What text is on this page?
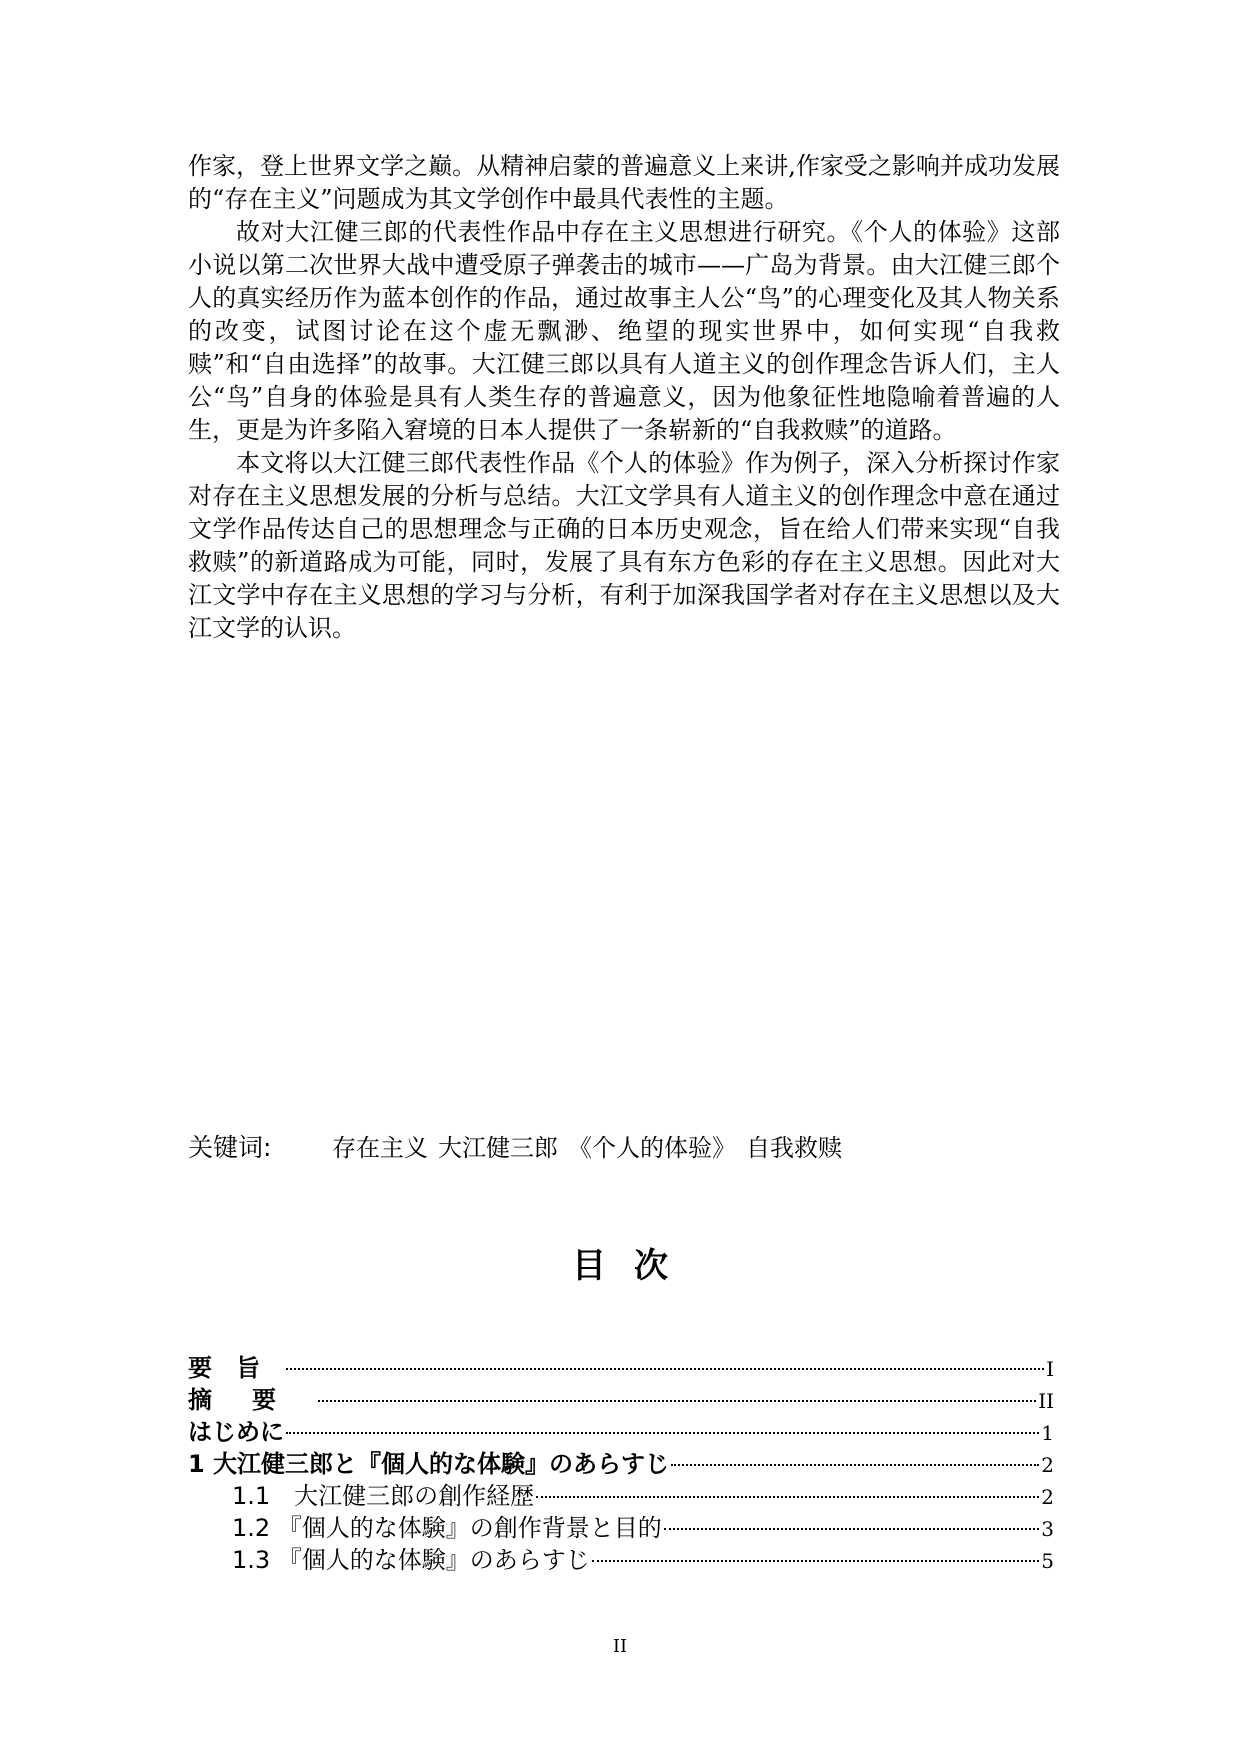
作家，登上世界文学之巅。从精神启蒙的普遍意义上来讲,作家受之影响并成功发展的“存在主义”问题成为其文学创作中最具代表性的主题。

故对大江健三郎的代表性作品中存在主义思想进行研究。《个人的体验》这部小说以第二次世界大战中遭受原子弹袭击的城市——广岛为背景。由大江健三郎个人的真实经历作为蓝本创作的作品，通过故事主人公“鸟”的心理变化及其人物关系的改变，试图讨论在这个虚无飘渺、绝望的现实世界中，如何实现“自我救赎”和“自由选择”的故事。大江健三郎以具有人道主义的创作理念告诉人们，主人公“鸟”自身的体验是具有人类生存的普遍意义，因为他象征性地隐喻着普遍的人生，更是为许多陷入窘境的日本人提供了一条崭新的“自我救赎”的道路。

本文将以大江健三郎代表性作品《个人的体验》作为例子，深入分析探讨作家对存在主义思想发展的分析与总结。大江文学具有人道主义的创作理念中意在通过文学作品传达自己的思想理念与正确的日本历史观念，旨在给人们带来实现“自我救赎”的新道路成为可能，同时，发展了具有东方色彩的存在主义思想。因此对大江文学中存在主义思想的学习与分析，有利于加深我国学者对存在主义思想以及大江文学的认识。

关键词:	存在主义 大江健三郎 《个人的体验》 自我救赎
目次
要旨	I
摘要	II
はじめに	1
1 大江健三郎と『個人的な体験』のあらすじ	2
1.1　大江健三郎の創作経歴	2
1.2 『個人的な体験』の創作背景と目的	3
1.3 『個人的な体験』のあらすじ	5
II
